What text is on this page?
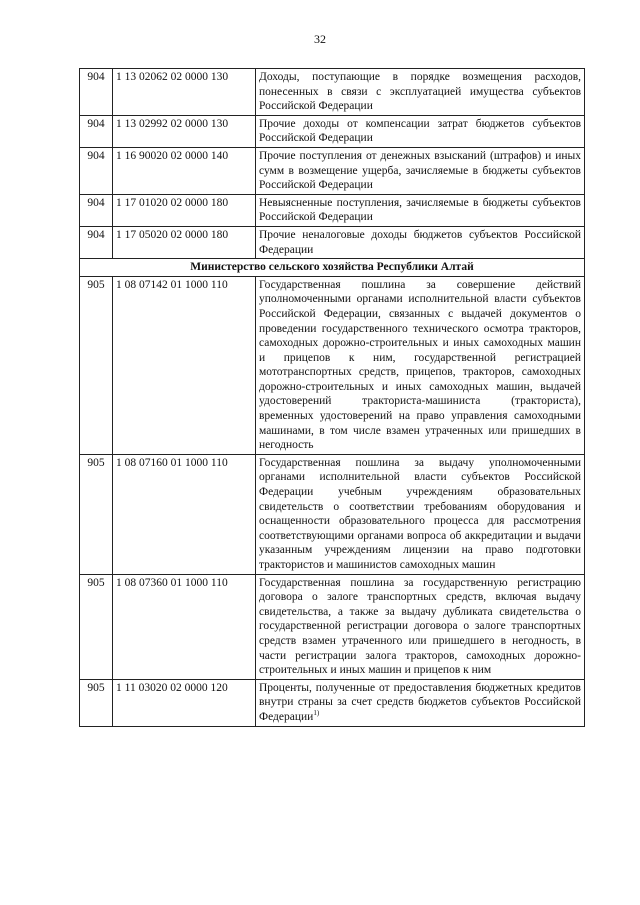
32
904	1 13 02062 02 0000 130	Доходы, поступающие в порядке возмещения расходов, понесенных в связи с эксплуатацией имущества субъектов Российской Федерации
904	1 13 02992 02 0000 130	Прочие доходы от компенсации затрат бюджетов субъектов Российской Федерации
904	1 16 90020 02 0000 140	Прочие поступления от денежных взысканий (штрафов) и иных сумм в возмещение ущерба, зачисляемые в бюджеты субъектов Российской Федерации
904	1 17 01020 02 0000 180	Невыясненные поступления, зачисляемые в бюджеты субъектов Российской Федерации
904	1 17 05020 02 0000 180	Прочие неналоговые доходы бюджетов субъектов Российской Федерации
Министерство сельского хозяйства Республики Алтай		
905	1 08 07142 01 1000 110	Государственная пошлина за совершение действий уполномоченными органами исполнительной власти субъектов Российской Федерации, связанных с выдачей документов о проведении государственного технического осмотра тракторов, самоходных дорожно-строительных и иных самоходных машин и прицепов к ним, государственной регистрацией мототранспортных средств, прицепов, тракторов, самоходных дорожно-строительных и иных самоходных машин, выдачей удостоверений тракториста-машиниста (тракториста), временных удостоверений на право управления самоходными машинами, в том числе взамен утраченных или пришедших в негодность
905	1 08 07160 01 1000 110	Государственная пошлина за выдачу уполномоченными органами исполнительной власти субъектов Российской Федерации учебным учреждениям образовательных свидетельств о соответствии требованиям оборудования и оснащенности образовательного процесса для рассмотрения соответствующими органами вопроса об аккредитации и выдачи указанным учреждениям лицензии на право подготовки трактористов и машинистов самоходных машин
905	1 08 07360 01 1000 110	Государственная пошлина за государственную регистрацию договора о залоге транспортных средств, включая выдачу свидетельства, а также за выдачу дубликата свидетельства о государственной регистрации договора о залоге транспортных средств взамен утраченного или пришедшего в негодность, в части регистрации залога тракторов, самоходных дорожно-строительных и иных машин и прицепов к ним
905	1 11 03020 02 0000 120	Проценты, полученные от предоставления бюджетных кредитов внутри страны за счет средств бюджетов субъектов Российской Федерации$^{1)}$
